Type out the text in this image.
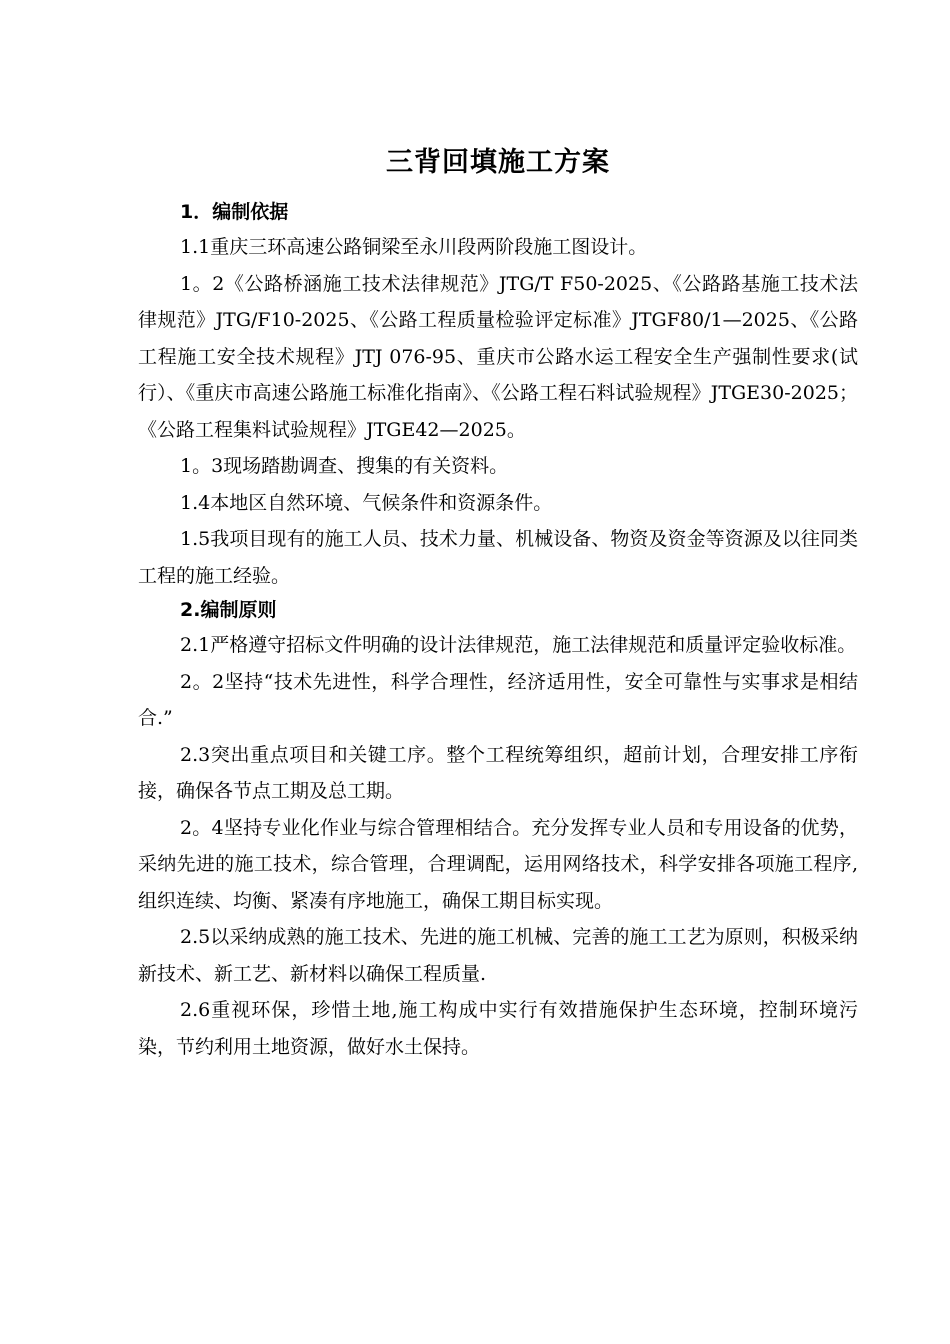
三背回填施工方案
1．编制依据

1.1重庆三环高速公路铜梁至永川段两阶段施工图设计。

1。2《公路桥涵施工技术法律规范》JTG/T F50-2025、《公路路基施工技术法律规范》JTG/F10-2025、《公路工程质量检验评定标准》JTGF80/1—2025、《公路工程施工安全技术规程》JTJ 076-95、重庆市公路水运工程安全生产强制性要求(试行）、《重庆市高速公路施工标准化指南》、《公路工程石料试验规程》JTGE30-2025；《公路工程集料试验规程》JTGE42—2025。

1。3现场踏勘调查、搜集的有关资料。

1.4本地区自然环境、气候条件和资源条件。

1.5我项目现有的施工人员、技术力量、机械设备、物资及资金等资源及以往同类工程的施工经验。

2.编制原则

2.1严格遵守招标文件明确的设计法律规范，施工法律规范和质量评定验收标准。

2。2坚持“技术先进性，科学合理性，经济适用性，安全可靠性与实事求是相结合.”

2.3突出重点项目和关键工序。整个工程统筹组织，超前计划，合理安排工序衔接，确保各节点工期及总工期。

2。4坚持专业化作业与综合管理相结合。充分发挥专业人员和专用设备的优势，采纳先进的施工技术，综合管理，合理调配，运用网络技术，科学安排各项施工程序,组织连续、均衡、紧凑有序地施工，确保工期目标实现。

2.5以采纳成熟的施工技术、先进的施工机械、完善的施工工艺为原则，积极采纳新技术、新工艺、新材料以确保工程质量.

2.6重视环保，珍惜土地,施工构成中实行有效措施保护生态环境，控制环境污染，节约利用土地资源，做好水土保持。
